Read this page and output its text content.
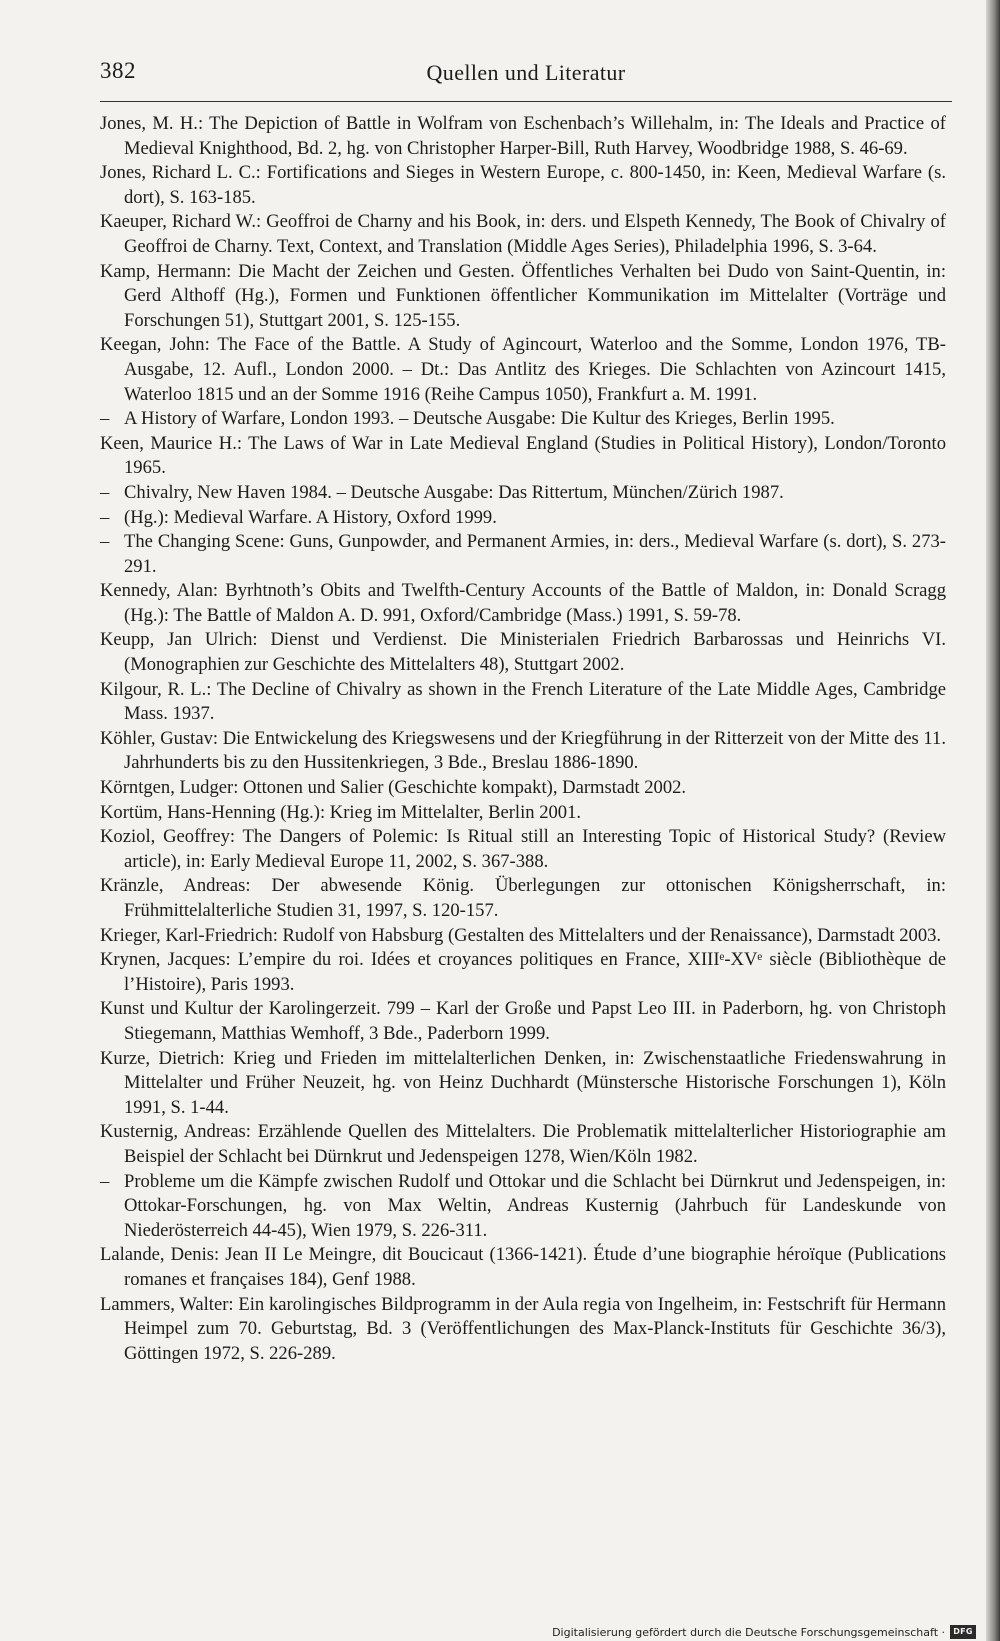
382	Quellen und Literatur

Jones, M. H.: The Depiction of Battle in Wolfram von Eschenbach’s Willehalm, in: The Ideals and Practice of Medieval Knighthood, Bd. 2, hg. von Christopher Harper-Bill, Ruth Harvey, Woodbridge 1988, S. 46-69.

Jones, Richard L. C.: Fortifications and Sieges in Western Europe, c. 800-1450, in: Keen, Medieval Warfare (s. dort), S. 163-185.

Kaeuper, Richard W.: Geoffroi de Charny and his Book, in: ders. und Elspeth Kennedy, The Book of Chivalry of Geoffroi de Charny. Text, Context, and Translation (Middle Ages Series), Philadelphia 1996, S. 3-64.

Kamp, Hermann: Die Macht der Zeichen und Gesten. Öffentliches Verhalten bei Dudo von Saint-Quentin, in: Gerd Althoff (Hg.), Formen und Funktionen öffentlicher Kommunikation im Mittelalter (Vorträge und Forschungen 51), Stuttgart 2001, S. 125-155.

Keegan, John: The Face of the Battle. A Study of Agincourt, Waterloo and the Somme, London 1976, TB-Ausgabe, 12. Aufl., London 2000. – Dt.: Das Antlitz des Krieges. Die Schlachten von Azincourt 1415, Waterloo 1815 und an der Somme 1916 (Reihe Campus 1050), Frankfurt a. M. 1991.

– A History of Warfare, London 1993. – Deutsche Ausgabe: Die Kultur des Krieges, Berlin 1995.

Keen, Maurice H.: The Laws of War in Late Medieval England (Studies in Political History), London/Toronto 1965.

– Chivalry, New Haven 1984. – Deutsche Ausgabe: Das Rittertum, München/Zürich 1987.

– (Hg.): Medieval Warfare. A History, Oxford 1999.

– The Changing Scene: Guns, Gunpowder, and Permanent Armies, in: ders., Medieval Warfare (s. dort), S. 273-291.

Kennedy, Alan: Byrhtnoth’s Obits and Twelfth-Century Accounts of the Battle of Maldon, in: Donald Scragg (Hg.): The Battle of Maldon A. D. 991, Oxford/Cambridge (Mass.) 1991, S. 59-78.

Keupp, Jan Ulrich: Dienst und Verdienst. Die Ministerialen Friedrich Barbarossas und Heinrichs VI. (Monographien zur Geschichte des Mittelalters 48), Stuttgart 2002.

Kilgour, R. L.: The Decline of Chivalry as shown in the French Literature of the Late Middle Ages, Cambridge Mass. 1937.

Köhler, Gustav: Die Entwickelung des Kriegswesens und der Kriegführung in der Ritterzeit von der Mitte des 11. Jahrhunderts bis zu den Hussitenkriegen, 3 Bde., Breslau 1886-1890.

Körntgen, Ludger: Ottonen und Salier (Geschichte kompakt), Darmstadt 2002.

Kortüm, Hans-Henning (Hg.): Krieg im Mittelalter, Berlin 2001.

Koziol, Geoffrey: The Dangers of Polemic: Is Ritual still an Interesting Topic of Historical Study? (Review article), in: Early Medieval Europe 11, 2002, S. 367-388.

Kränzle, Andreas: Der abwesende König. Überlegungen zur ottonischen Königsherrschaft, in: Frühmittelalterliche Studien 31, 1997, S. 120-157.

Krieger, Karl-Friedrich: Rudolf von Habsburg (Gestalten des Mittelalters und der Renaissance), Darmstadt 2003.

Krynen, Jacques: L’empire du roi. Idées et croyances politiques en France, XIIIᵉ-XVᵉ siècle (Bibliothèque de l’Histoire), Paris 1993.

Kunst und Kultur der Karolingerzeit. 799 – Karl der Große und Papst Leo III. in Paderborn, hg. von Christoph Stiegemann, Matthias Wemhoff, 3 Bde., Paderborn 1999.

Kurze, Dietrich: Krieg und Frieden im mittelalterlichen Denken, in: Zwischenstaatliche Friedenswahrung in Mittelalter und Früher Neuzeit, hg. von Heinz Duchhardt (Münstersche Historische Forschungen 1), Köln 1991, S. 1-44.

Kusternig, Andreas: Erzählende Quellen des Mittelalters. Die Problematik mittelalterlicher Historiographie am Beispiel der Schlacht bei Dürnkrut und Jedenspeigen 1278, Wien/Köln 1982.

– Probleme um die Kämpfe zwischen Rudolf und Ottokar und die Schlacht bei Dürnkrut und Jedenspeigen, in: Ottokar-Forschungen, hg. von Max Weltin, Andreas Kusternig (Jahrbuch für Landeskunde von Niederösterreich 44-45), Wien 1979, S. 226-311.

Lalande, Denis: Jean II Le Meingre, dit Boucicaut (1366-1421). Étude d’une biographie héroïque (Publications romanes et françaises 184), Genf 1988.

Lammers, Walter: Ein karolingisches Bildprogramm in der Aula regia von Ingelheim, in: Festschrift für Hermann Heimpel zum 70. Geburtstag, Bd. 3 (Veröffentlichungen des Max-Planck-Instituts für Geschichte 36/3), Göttingen 1972, S. 226-289.

Digitalisierung gefördert durch die Deutsche Forschungsgemeinschaft ·	DFG
